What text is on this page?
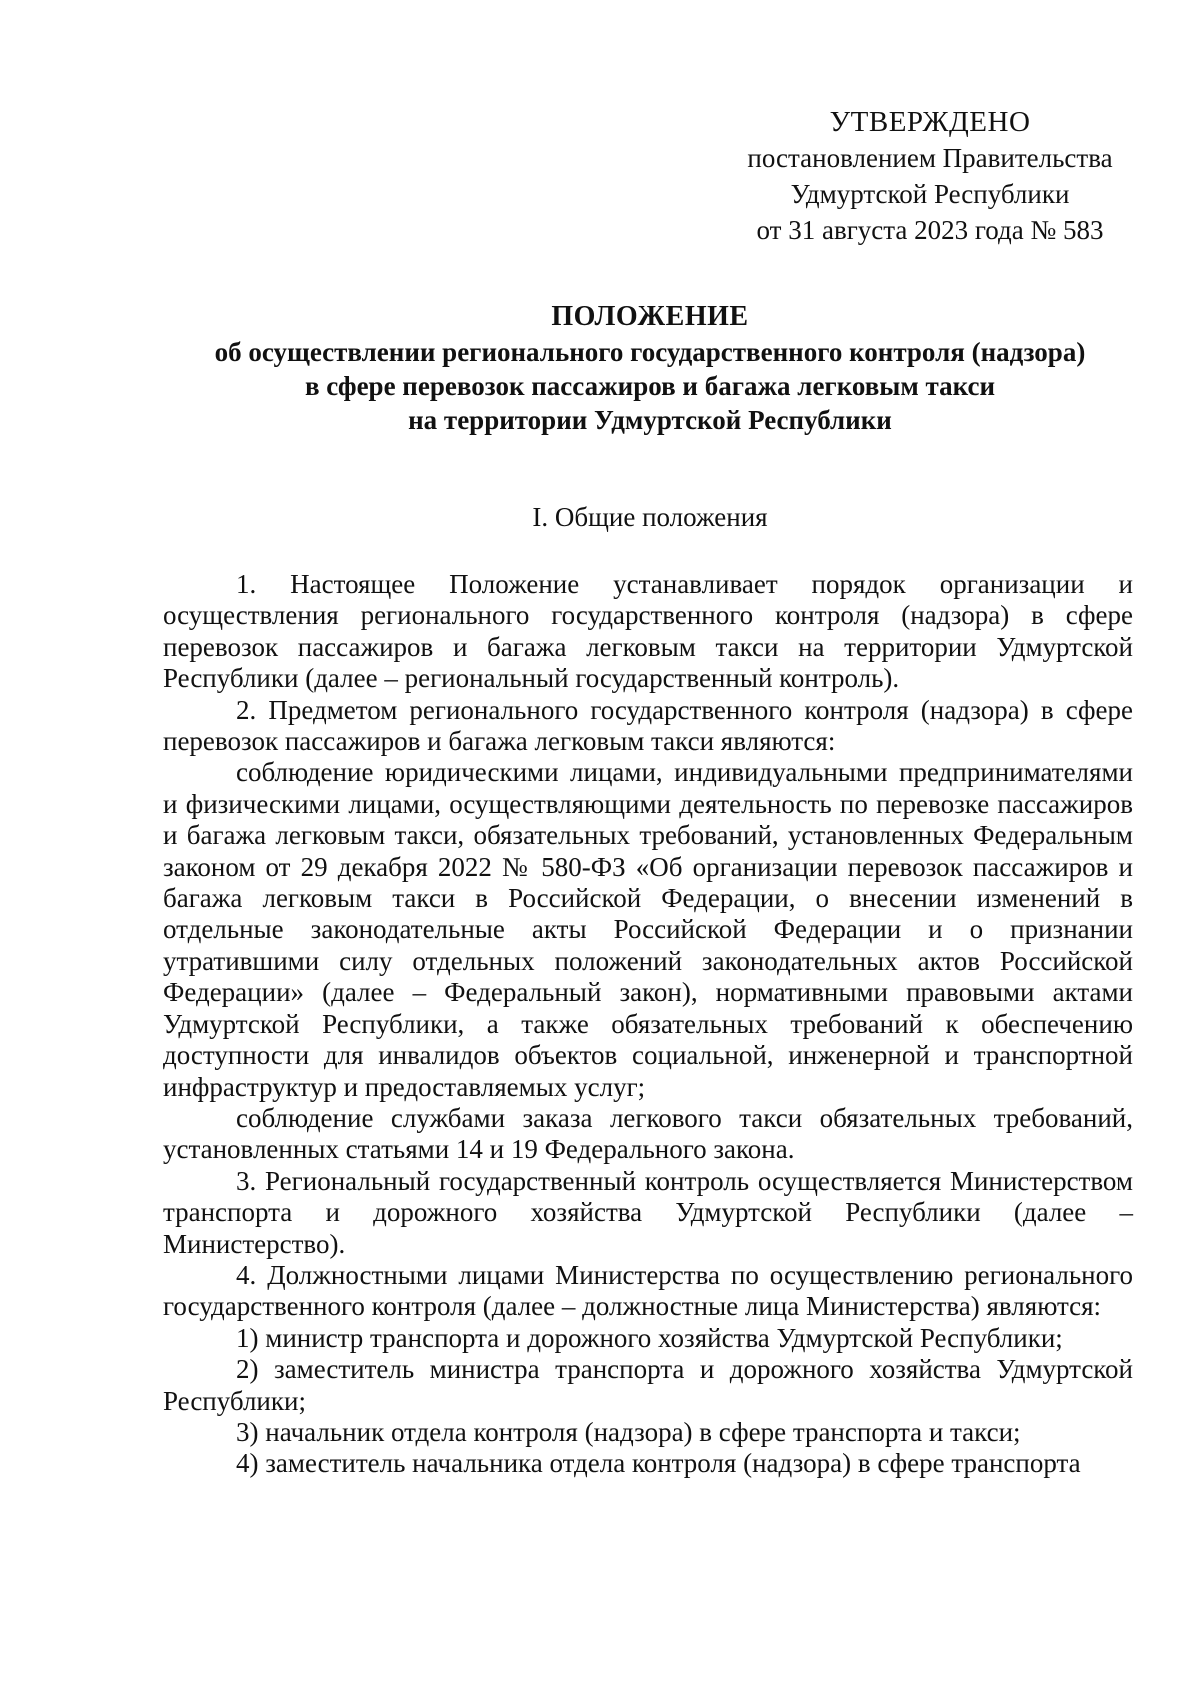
УТВЕРЖДЕНО
постановлением Правительства
Удмуртской Республики
от 31 августа 2023 года № 583
ПОЛОЖЕНИЕ
об осуществлении регионального государственного контроля (надзора)
в сфере перевозок пассажиров и багажа легковым такси
на территории Удмуртской Республики
I. Общие положения

1. Настоящее Положение устанавливает порядок организации и осуществления регионального государственного контроля (надзора) в сфере перевозок пассажиров и багажа легковым такси на территории Удмуртской Республики (далее – региональный государственный контроль).

2. Предметом регионального государственного контроля (надзора) в сфере перевозок пассажиров и багажа легковым такси являются:

соблюдение юридическими лицами, индивидуальными предпринимателями и физическими лицами, осуществляющими деятельность по перевозке пассажиров и багажа легковым такси, обязательных требований, установленных Федеральным законом от 29 декабря 2022 № 580-ФЗ «Об организации перевозок пассажиров и багажа легковым такси в Российской Федерации, о внесении изменений в отдельные законодательные акты Российской Федерации и о признании утратившими силу отдельных положений законодательных актов Российской Федерации» (далее – Федеральный закон), нормативными правовыми актами Удмуртской Республики, а также обязательных требований к обеспечению доступности для инвалидов объектов социальной, инженерной и транспортной инфраструктур и предоставляемых услуг;

соблюдение службами заказа легкового такси обязательных требований, установленных статьями 14 и 19 Федерального закона.

3. Региональный государственный контроль осуществляется Министерством транспорта и дорожного хозяйства Удмуртской Республики (далее – Министерство).

4. Должностными лицами Министерства по осуществлению регионального государственного контроля (далее – должностные лица Министерства) являются:

1) министр транспорта и дорожного хозяйства Удмуртской Республики;

2) заместитель министра транспорта и дорожного хозяйства Удмуртской Республики;

3) начальник отдела контроля (надзора) в сфере транспорта и такси;

4) заместитель начальника отдела контроля (надзора) в сфере транспорта
